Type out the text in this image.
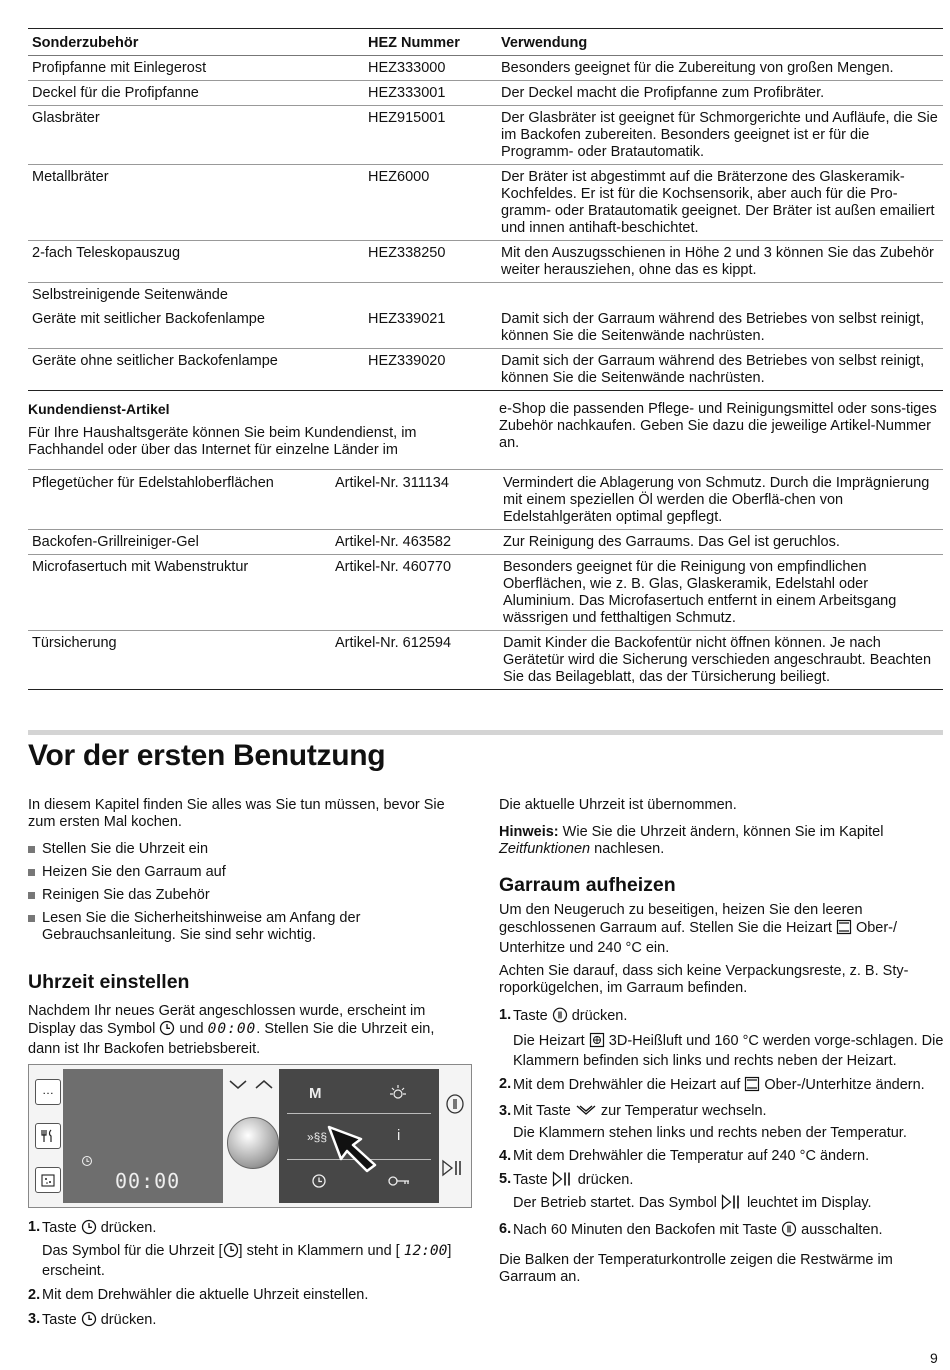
Sonderzubehör	HEZ Nummer	Verwendung
Profipfanne mit Einlegerost	HEZ333000	Besonders geeignet für die Zubereitung von großen Mengen.
Deckel für die Profipfanne	HEZ333001	Der Deckel macht die Profipfanne zum Profibräter.
Glasbräter	HEZ915001	Der Glasbräter ist geeignet für Schmorgerichte und Aufläufe, die Sie im Backofen zubereiten. Besonders geeignet ist er für die Programm- oder Bratautomatik.
Metallbräter	HEZ6000	Der Bräter ist abgestimmt auf die Bräterzone des Glaskeramik-Kochfeldes. Er ist für die Kochsensorik, aber auch für die Pro-gramm- oder Bratautomatik geeignet. Der Bräter ist außen emailiert und innen antihaft-beschichtet.
2-fach Teleskopauszug	HEZ338250	Mit den Auszugsschienen in Höhe 2 und 3 können Sie das Zubehör weiter herausziehen, ohne das es kippt.
Selbstreinigende Seitenwände		
Geräte mit seitlicher Backofenlampe	HEZ339021	Damit sich der Garraum während des Betriebes von selbst reinigt, können Sie die Seitenwände nachrüsten.
Geräte ohne seitlicher Backofenlampe	HEZ339020	Damit sich der Garraum während des Betriebes von selbst reinigt, können Sie die Seitenwände nachrüsten.
Kundendienst-Artikel
Für Ihre Haushaltsgeräte können Sie beim Kundendienst, im Fachhandel oder über das Internet für einzelne Länder im
e-Shop die passenden Pflege- und Reinigungsmittel oder sons-tiges Zubehör nachkaufen. Geben Sie dazu die jeweilige Artikel-Nummer an.
Pflegetücher für Edelstahloberflächen	Artikel-Nr. 311134	Vermindert die Ablagerung von Schmutz. Durch die Imprägnierung mit einem speziellen Öl werden die Oberflä-chen von Edelstahlgeräten optimal gepflegt.
Backofen-Grillreiniger-Gel	Artikel-Nr. 463582	Zur Reinigung des Garraums. Das Gel ist geruchlos.
Microfasertuch mit Wabenstruktur	Artikel-Nr. 460770	Besonders geeignet für die Reinigung von empfindlichen Oberflächen, wie z. B. Glas, Glaskeramik, Edelstahl oder Aluminium. Das Microfasertuch entfernt in einem Arbeitsgang wässrigen und fetthaltigen Schmutz.
Türsicherung	Artikel-Nr. 612594	Damit Kinder die Backofentür nicht öffnen können. Je nach Gerätetür wird die Sicherung verschieden angeschraubt. Beachten Sie das Beilageblatt, das der Türsicherung beiliegt.
Vor der ersten Benutzung

In diesem Kapitel finden Sie alles was Sie tun müssen, bevor Sie zum ersten Mal kochen.

Stellen Sie die Uhrzeit ein
Heizen Sie den Garraum auf
Reinigen Sie das Zubehör
Lesen Sie die Sicherheitshinweise am Anfang der Gebrauchsanleitung. Sie sind sehr wichtig.
Uhrzeit einstellen
Nachdem Ihr neues Gerät angeschlossen wurde, erscheint im Display das Symbol und 00:00. Stellen Sie die Uhrzeit ein, dann ist Ihr Backofen betriebsbereit.
…
00:00
M
»§§	i
1. Taste drücken.
Das Symbol für die Uhrzeit [ ] steht in Klammern und [ 12:00] erscheint.
2. Mit dem Drehwähler die aktuelle Uhrzeit einstellen.
3. Taste drücken.

Die aktuelle Uhrzeit ist übernommen.

Hinweis: Wie Sie die Uhrzeit ändern, können Sie im Kapitel Zeitfunktionen nachlesen.

Garraum aufheizen

Um den Neugeruch zu beseitigen, heizen Sie den leeren geschlossenen Garraum auf. Stellen Sie die Heizart Ober-/ Unterhitze und 240 °C ein.

Achten Sie darauf, dass sich keine Verpackungsreste, z. B. Sty-roporkügelchen, im Garraum befinden.

1. Taste drücken.
Die Heizart 3D-Heißluft und 160 °C werden vorge-schlagen. Die Klammern befinden sich links und rechts neben der Heizart.
2. Mit dem Drehwähler die Heizart auf Ober-/Unterhitze ändern.
3. Mit Taste zur Temperatur wechseln.
Die Klammern stehen links und rechts neben der Temperatur.
4. Mit dem Drehwähler die Temperatur auf 240 °C ändern.
5. Taste drücken.
Der Betrieb startet. Das Symbol leuchtet im Display.
6. Nach 60 Minuten den Backofen mit Taste ausschalten.

Die Balken der Temperaturkontrolle zeigen die Restwärme im Garraum an.

9
